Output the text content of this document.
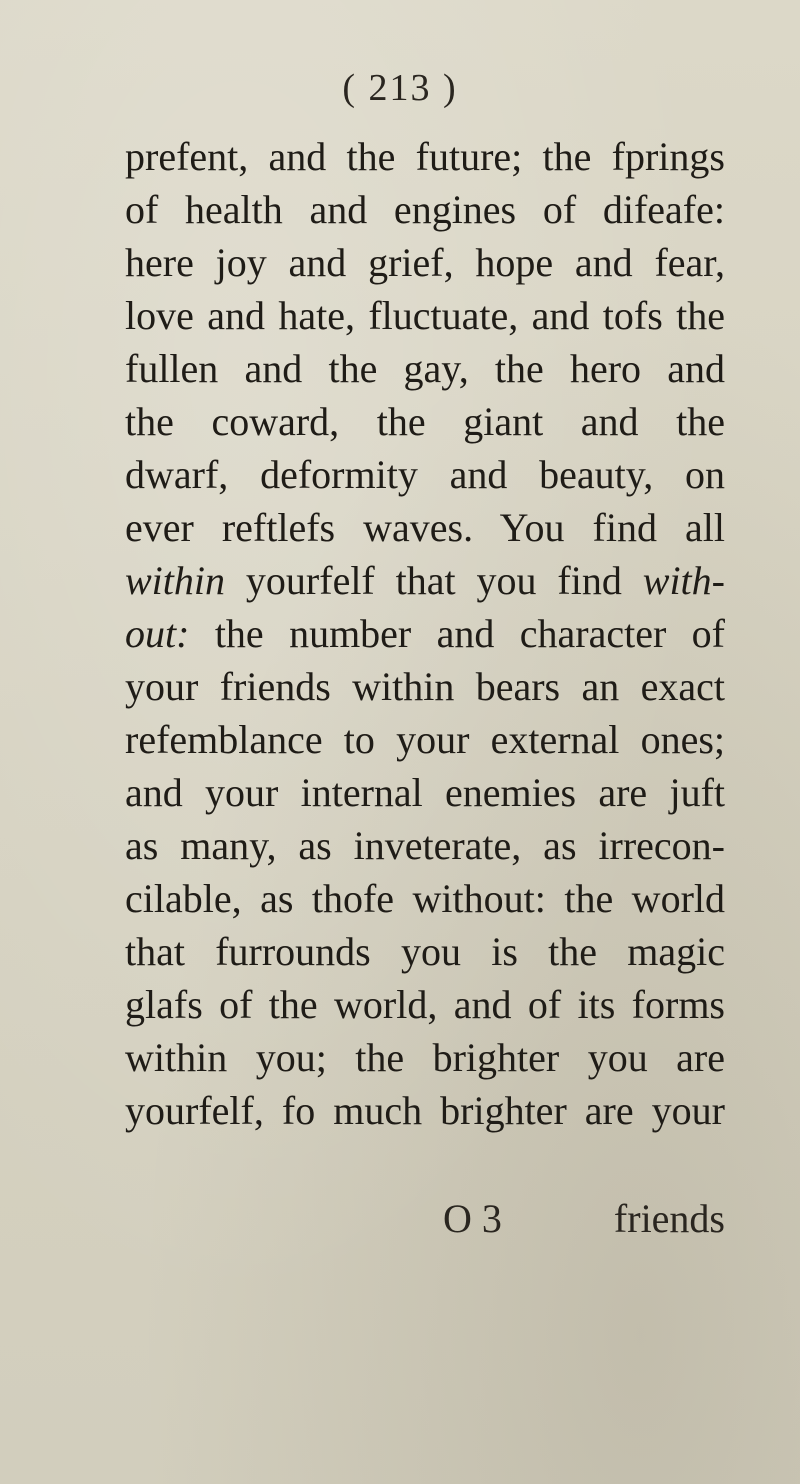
( 213 )
prefent, and the future; the fprings
of health and engines of difeafe:
here joy and grief, hope and fear,
love and hate, fluctuate, and tofs the
fullen and the gay, the hero and
the coward, the giant and the
dwarf, deformity and beauty, on
ever reftlefs waves. You find all
within yourfelf that you find with-
out: the number and character of
your friends within bears an exact
refemblance to your external ones;
and your internal enemies are juft
as many, as inveterate, as irrecon-
cilable, as thofe without: the world
that furrounds you is the magic
glafs of the world, and of its forms
within you; the brighter you are
yourfelf, fo much brighter are your
O 3	friends
